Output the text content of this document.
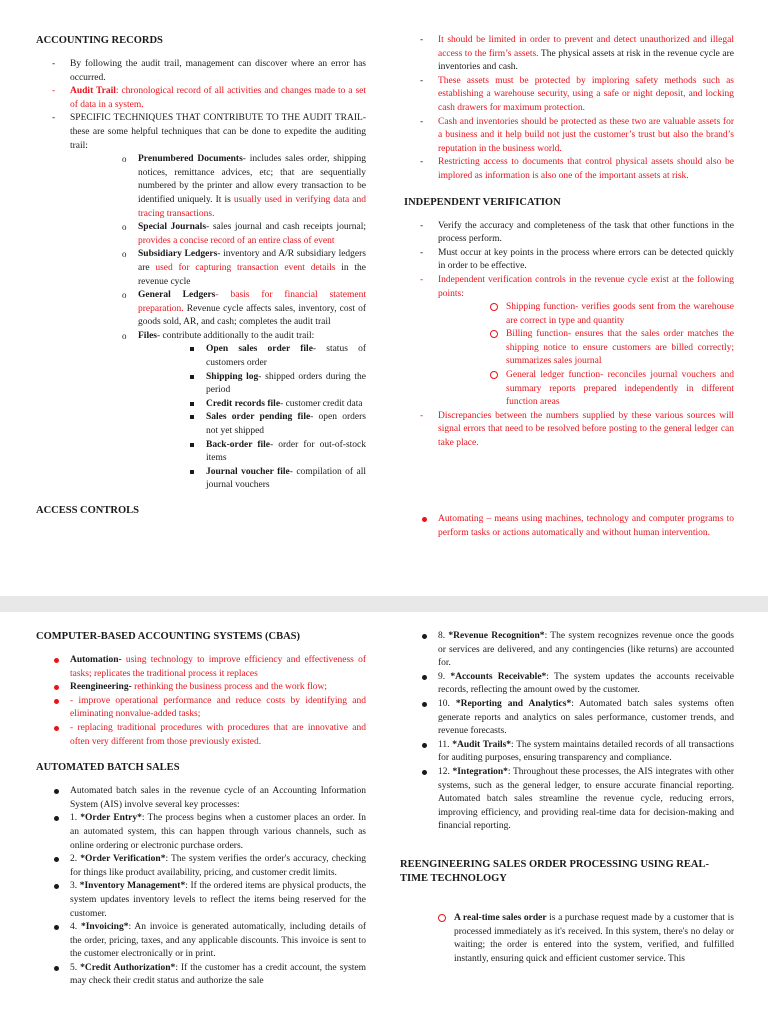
ACCOUNTING RECORDS
- By following the audit trail, management can discover where an error has occurred.
- Audit Trail: chronological record of all activities and changes made to a set of data in a system.
- SPECIFIC TECHNIQUES THAT CONTRIBUTE TO THE AUDIT TRAIL- these are some helpful techniques that can be done to expedite the auditing trail:
o Prenumbered Documents- includes sales order, shipping notices, remittance advices, etc; that are sequentially numbered by the printer and allow every transaction to be identified uniquely. It is usually used in verifying data and tracing transactions.
o Special Journals- sales journal and cash receipts journal; provides a concise record of an entire class of event
o Subsidiary Ledgers- inventory and A/R subsidiary ledgers are used for capturing transaction event details in the revenue cycle
o General Ledgers- basis for financial statement preparation. Revenue cycle affects sales, inventory, cost of goods sold, AR, and cash; completes the audit trail
o Files- contribute additionally to the audit trail:
Open sales order file- status of customers order
Shipping log- shipped orders during the period
Credit records file- customer credit data
Sales order pending file- open orders not yet shipped
Back-order file- order for out-of-stock items
Journal voucher file- compilation of all journal vouchers
ACCESS CONTROLS
- It should be limited in order to prevent and detect unauthorized and illegal access to the firm’s assets. The physical assets at risk in the revenue cycle are inventories and cash.
- These assets must be protected by imploring safety methods such as establishing a warehouse security, using a safe or night deposit, and locking cash drawers for maximum protection.
- Cash and inventories should be protected as these two are valuable assets for a business and it help build not just the customer’s trust but also the brand’s reputation in the business world.
- Restricting access to documents that control physical assets should also be implored as information is also one of the important assets at risk.
INDEPENDENT VERIFICATION
- Verify the accuracy and completeness of the task that other functions in the process perform.
- Must occur at key points in the process where errors can be detected quickly in order to be effective.
- Independent verification controls in the revenue cycle exist at the following points:
Shipping function- verifies goods sent from the warehouse are correct in type and quantity
Billing function- ensures that the sales order matches the shipping notice to ensure customers are billed correctly; summarizes sales journal
General ledger function- reconciles journal vouchers and summary reports prepared independently in different function areas
- Discrepancies between the numbers supplied by these various sources will signal errors that need to be resolved before posting to the general ledger can take place.
Automating – means using machines, technology and computer programs to perform tasks or actions automatically and without human intervention.
COMPUTER-BASED ACCOUNTING SYSTEMS (CBAS)
Automation- using technology to improve efficiency and effectiveness of tasks; replicates the traditional process it replaces
Reengineering- rethinking the business process and the work flow;
- improve operational performance and reduce costs by identifying and eliminating nonvalue-added tasks;
- replacing traditional procedures with procedures that are innovative and often very different from those previously existed.
AUTOMATED BATCH SALES
Automated batch sales in the revenue cycle of an Accounting Information System (AIS) involve several key processes:
1. *Order Entry*: The process begins when a customer places an order. In an automated system, this can happen through various channels, such as online ordering or electronic purchase orders.
2. *Order Verification*: The system verifies the order's accuracy, checking for things like product availability, pricing, and customer credit limits.
3. *Inventory Management*: If the ordered items are physical products, the system updates inventory levels to reflect the items being reserved for the customer.
4. *Invoicing*: An invoice is generated automatically, including details of the order, pricing, taxes, and any applicable discounts. This invoice is sent to the customer electronically or in print.
5. *Credit Authorization*: If the customer has a credit account, the system may check their credit status and authorize the sale
8. *Revenue Recognition*: The system recognizes revenue once the goods or services are delivered, and any contingencies (like returns) are accounted for.
9. *Accounts Receivable*: The system updates the accounts receivable records, reflecting the amount owed by the customer.
10. *Reporting and Analytics*: Automated batch sales systems often generate reports and analytics on sales performance, customer trends, and revenue forecasts.
11. *Audit Trails*: The system maintains detailed records of all transactions for auditing purposes, ensuring transparency and compliance.
12. *Integration*: Throughout these processes, the AIS integrates with other systems, such as the general ledger, to ensure accurate financial reporting. Automated batch sales streamline the revenue cycle, reducing errors, improving efficiency, and providing real-time data for decision-making and financial reporting.
REENGINEERING SALES ORDER PROCESSING USING REAL-TIME TECHNOLOGY
A real-time sales order is a purchase request made by a customer that is processed immediately as it's received. In this system, there's no delay or waiting; the order is entered into the system, verified, and fulfilled instantly, ensuring quick and efficient customer service. This
